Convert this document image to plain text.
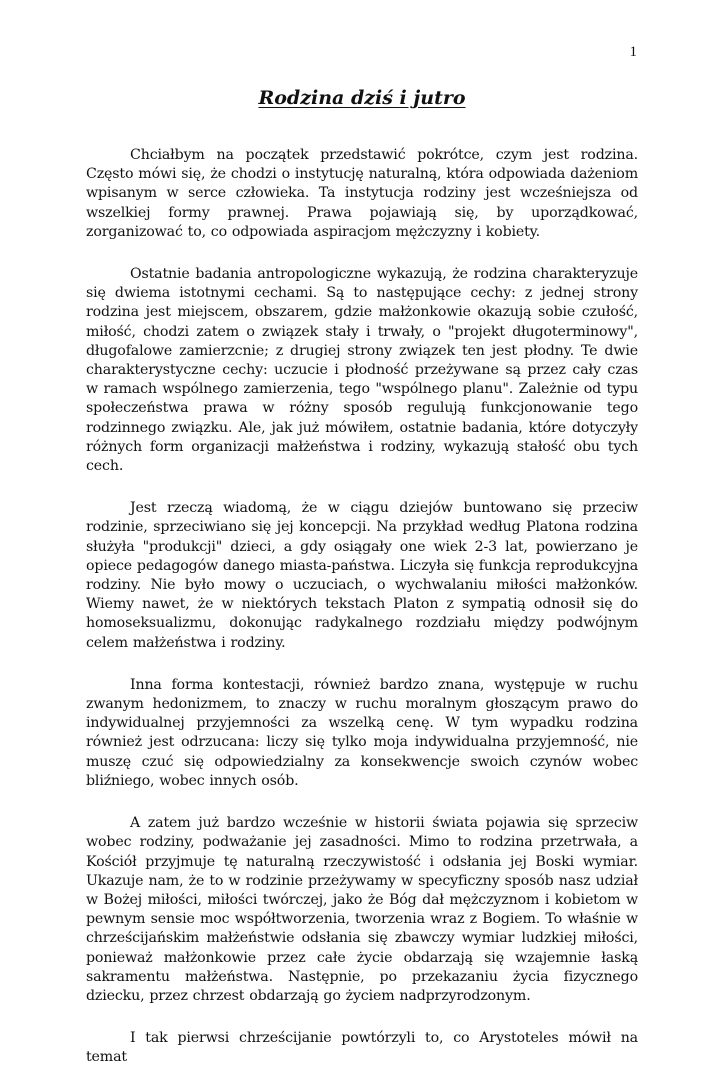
1
Rodzina dziś i jutro

Chciałbym na początek przedstawić pokrótce, czym jest rodzina. Często mówi się, że chodzi o instytucję naturalną, która odpowiada dażeniom wpisanym w serce człowieka. Ta instytucja rodziny jest wcześniejsza od wszelkiej formy prawnej. Prawa pojawiają się, by uporządkować, zorganizować to, co odpowiada aspiracjom mężczyzny i kobiety.

Ostatnie badania antropologiczne wykazują, że rodzina charakteryzuje się dwiema istotnymi cechami. Są to następujące cechy: z jednej strony rodzina jest miejscem, obszarem, gdzie małżonkowie okazują sobie czułość, miłość, chodzi zatem o związek stały i trwały, o "projekt długoterminowy", długofalowe zamierzcnie; z drugiej strony związek ten jest płodny. Te dwie charakterystyczne cechy: uczucie i płodność przeżywane są przez cały czas w ramach wspólnego zamierzenia, tego "wspólnego planu". Zależnie od typu społeczeństwa prawa w różny sposób regulują funkcjonowanie tego rodzinnego związku. Ale, jak już mówiłem, ostatnie badania, które dotyczyły różnych form organizacji małżeństwa i rodziny, wykazują stałość obu tych cech.

Jest rzeczą wiadomą, że w ciągu dziejów buntowano się przeciw rodzinie, sprzeciwiano się jej koncepcji. Na przykład według Platona rodzina służyła "produkcji" dzieci, a gdy osiągały one wiek 2-3 lat, powierzano je opiece pedagogów danego miasta-państwa. Liczyła się funkcja reprodukcyjna rodziny. Nie było mowy o uczuciach, o wychwalaniu miłości małżonków. Wiemy nawet, że w niektórych tekstach Platon z sympatią odnosił się do homoseksualizmu, dokonując radykalnego rozdziału między podwójnym celem małżeństwa i rodziny.

Inna forma kontestacji, również bardzo znana, występuje w ruchu zwanym hedonizmem, to znaczy w ruchu moralnym głoszącym prawo do indywidualnej przyjemności za wszelką cenę. W tym wypadku rodzina również jest odrzucana: liczy się tylko moja indywidualna przyjemność, nie muszę czuć się odpowiedzialny za konsekwencje swoich czynów wobec bliźniego, wobec innych osób.

A zatem już bardzo wcześnie w historii świata pojawia się sprzeciw wobec rodziny, podważanie jej zasadności. Mimo to rodzina przetrwała, a Kościół przyjmuje tę naturalną rzeczywistość i odsłania jej Boski wymiar. Ukazuje nam, że to w rodzinie przeżywamy w specyficzny sposób nasz udział w Bożej miłości, miłości twórczej, jako że Bóg dał mężczyznom i kobietom w pewnym sensie moc współtworzenia, tworzenia wraz z Bogiem. To właśnie w chrześcijańskim małżeństwie odsłania się zbawczy wymiar ludzkiej miłości, ponieważ małżonkowie przez całe życie obdarzają się wzajemnie łaską sakramentu małżeństwa. Następnie, po przekazaniu życia fizycznego dziecku, przez chrzest obdarzają go życiem nadprzyrodzonym.

I tak pierwsi chrześcijanie powtórzyli to, co Arystoteles mówił na temat
